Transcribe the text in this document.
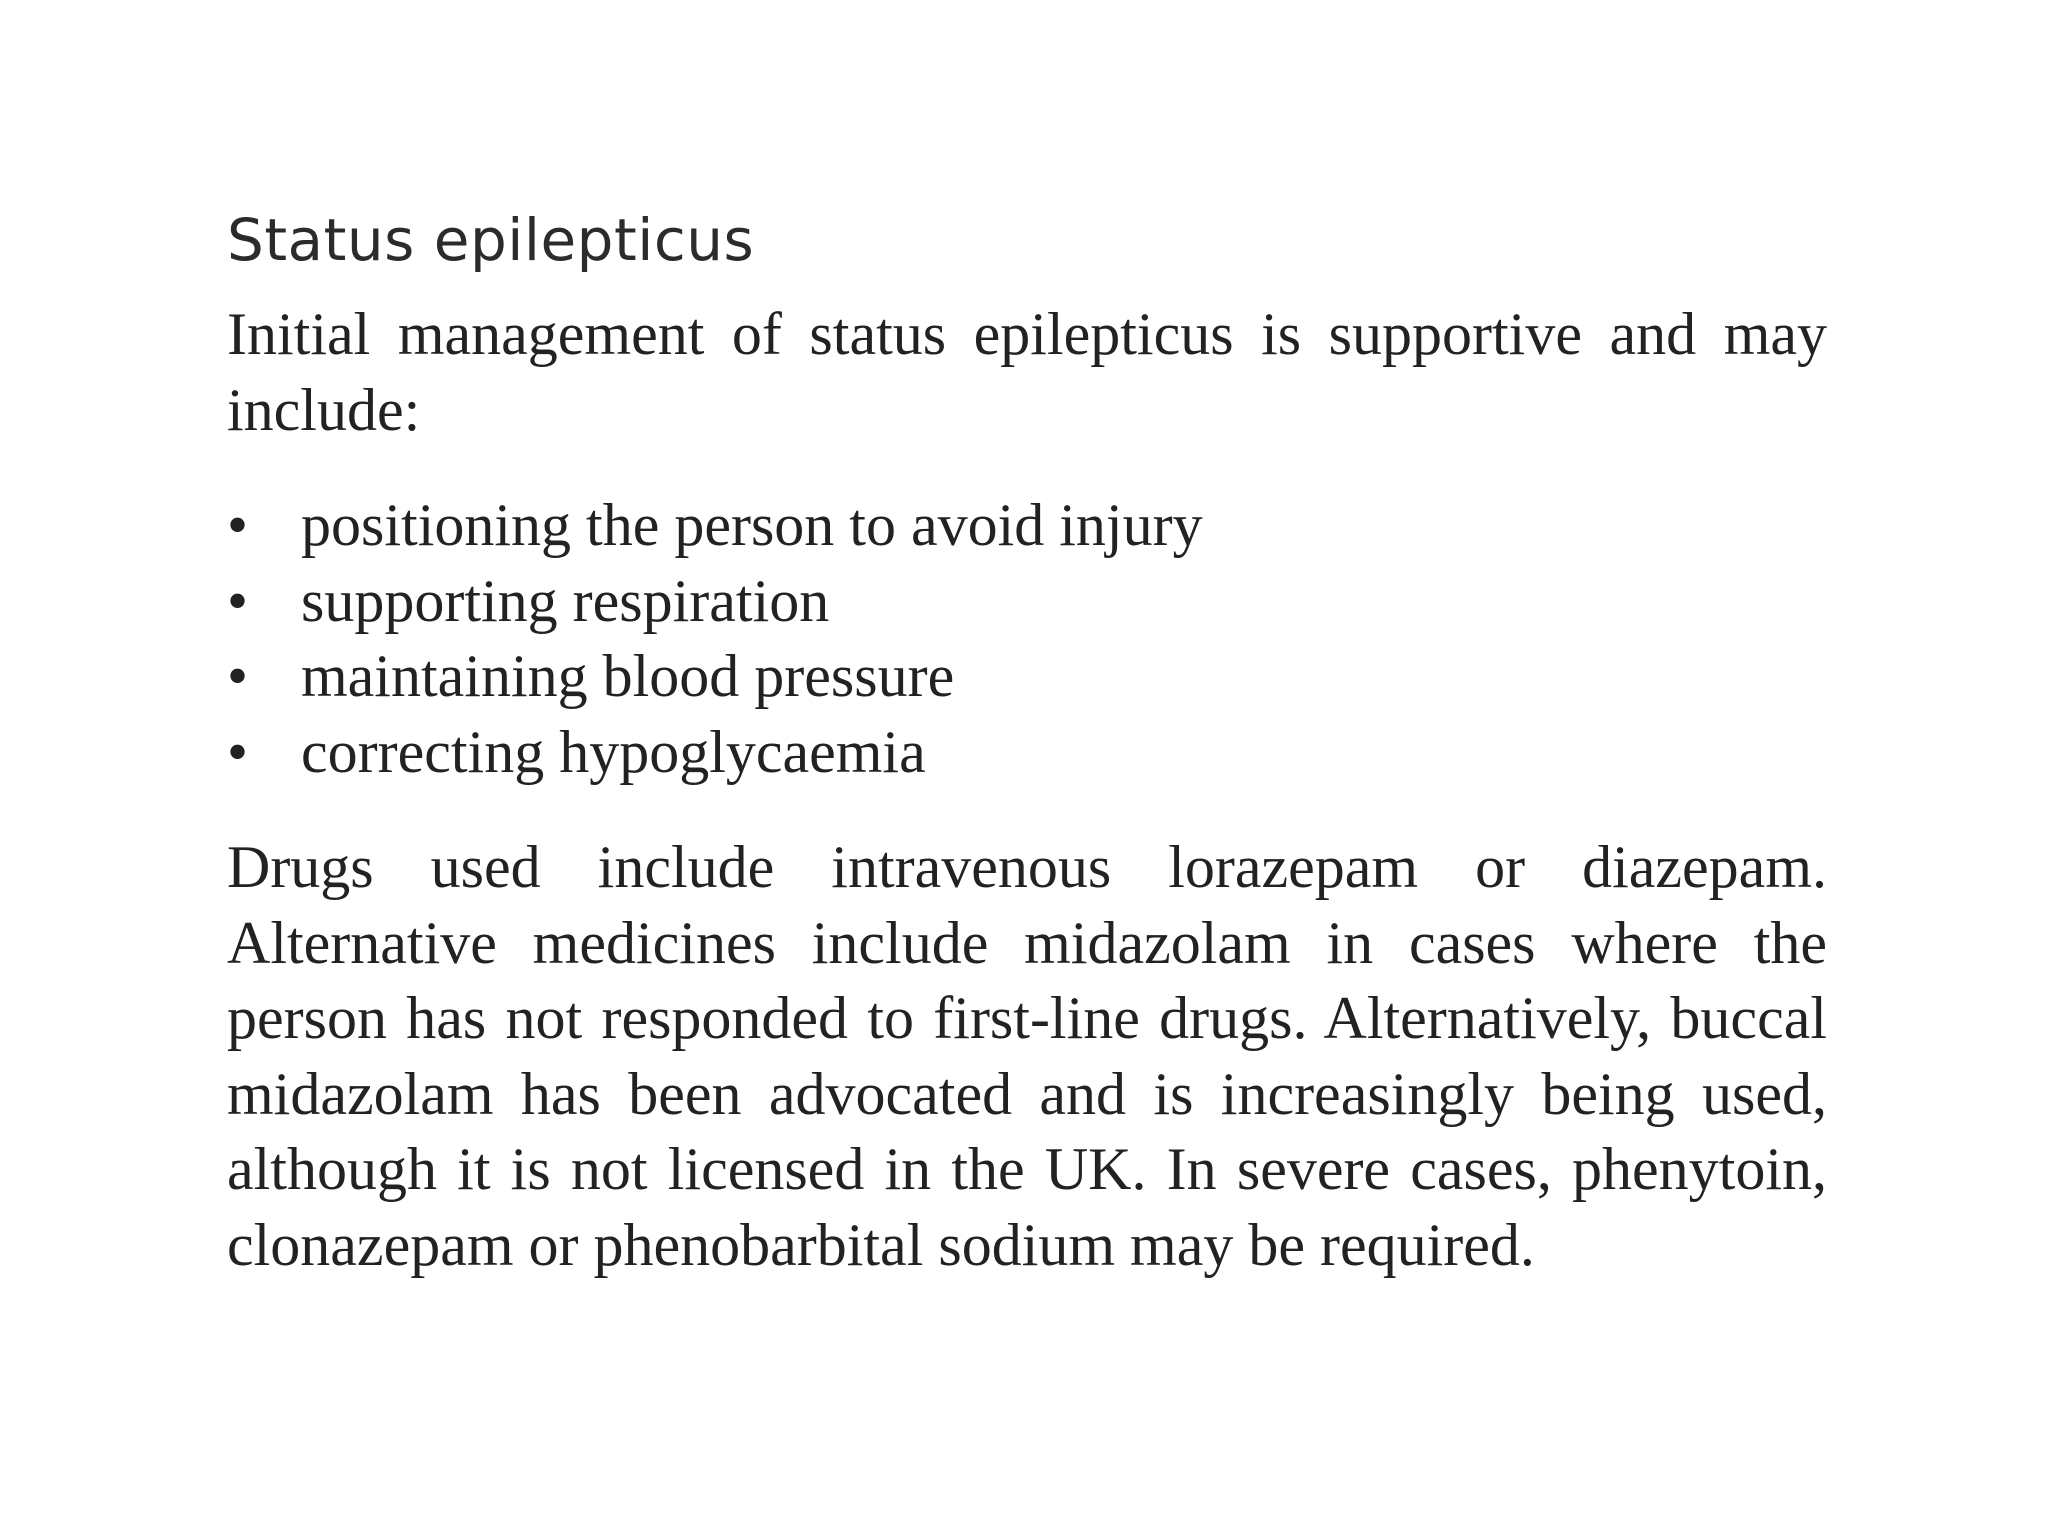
Status epilepticus

Initial management of status epilepticus is supportive and may include:

• positioning the person to avoid injury
• supporting respiration
• maintaining blood pressure
• correcting hypoglycaemia

Drugs used include intravenous lorazepam or diazepam. Alternative medicines include midazolam in cases where the person has not responded to first-line drugs. Alternatively, buccal midazolam has been advocated and is increasingly being used, although it is not licensed in the UK. In severe cases, phenytoin, clonazepam or phenobarbital sodium may be required.
